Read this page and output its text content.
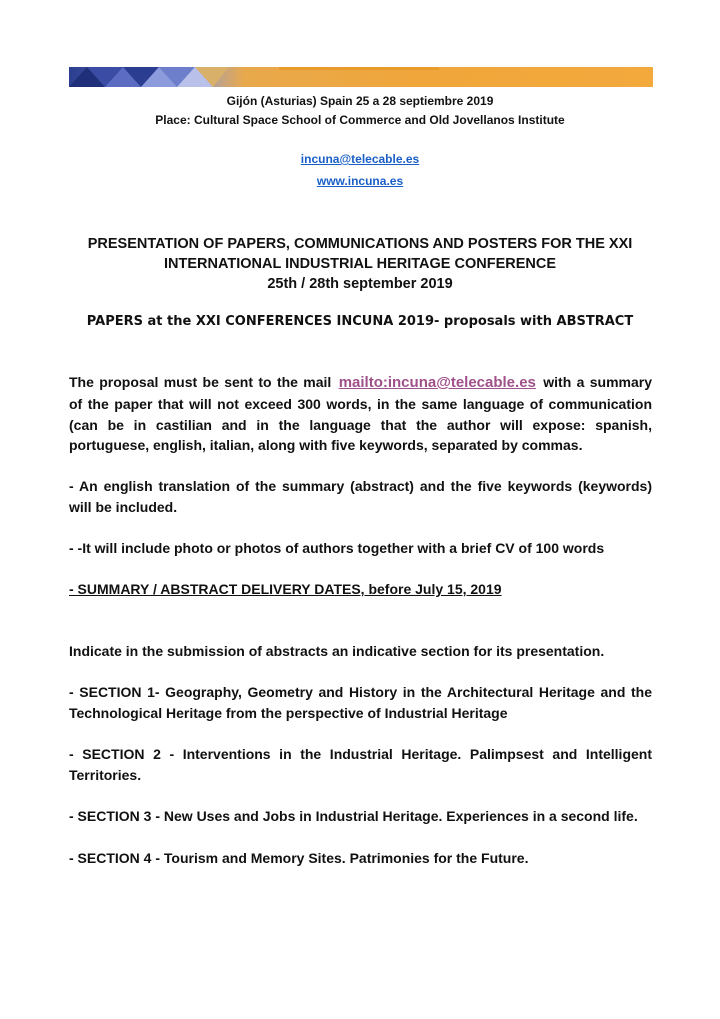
Gijón (Asturias) Spain 25 a 28 septiembre 2019
Place: Cultural Space School of Commerce and Old Jovellanos Institute
incuna@telecable.es
www.incuna.es
PRESENTATION OF PAPERS, COMMUNICATIONS AND POSTERS FOR THE XXI
INTERNATIONAL INDUSTRIAL HERITAGE CONFERENCE
25th / 28th september 2019
PAPERS at the XXI CONFERENCES INCUNA 2019- proposals with ABSTRACT
The proposal must be sent to the mail mailto:incuna@telecable.es with a summary of the paper that will not exceed 300 words, in the same language of communication (can be in castilian and in the language that the author will expose: spanish, portuguese, english, italian, along with five keywords, separated by commas.
- An english translation of the summary (abstract) and the five keywords (keywords) will be included.
- -It will include photo or photos of authors together with a brief CV of 100 words
- SUMMARY / ABSTRACT DELIVERY DATES, before July 15, 2019
Indicate in the submission of abstracts an indicative section for its presentation.
- SECTION 1- Geography, Geometry and History in the Architectural Heritage and the Technological Heritage from the perspective of Industrial Heritage
- SECTION 2 - Interventions in the Industrial Heritage. Palimpsest and Intelligent Territories.
- SECTION 3 - New Uses and Jobs in Industrial Heritage. Experiences in a second life.
- SECTION 4 - Tourism and Memory Sites. Patrimonies for the Future.
